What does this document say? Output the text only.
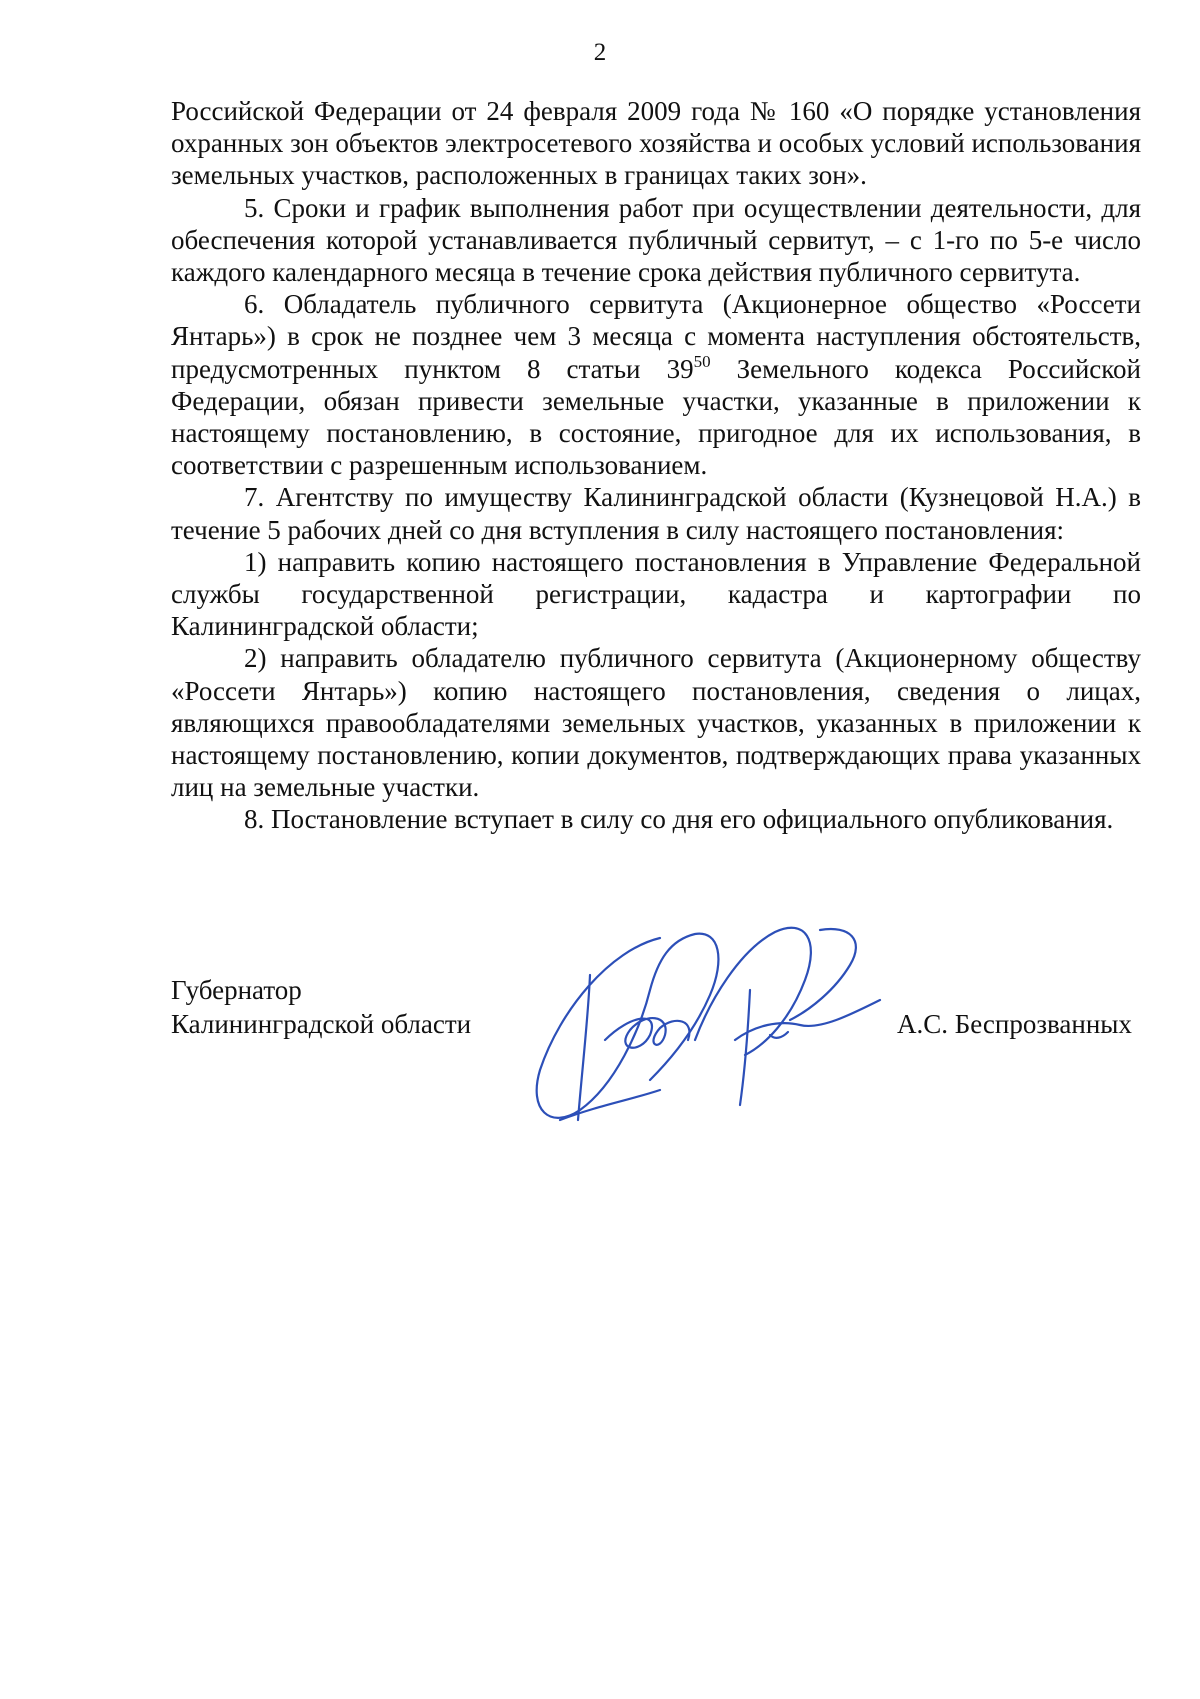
2

Российской Федерации от 24 февраля 2009 года № 160 «О порядке установления охранных зон объектов электросетевого хозяйства и особых условий использования земельных участков, расположенных в границах таких зон».

5. Сроки и график выполнения работ при осуществлении деятельности, для обеспечения которой устанавливается публичный сервитут, – с 1-го по 5-е число каждого календарного месяца в течение срока действия публичного сервитута.

6. Обладатель публичного сервитута (Акционерное общество «Россети Янтарь») в срок не позднее чем 3 месяца с момента наступления обстоятельств, предусмотренных пунктом 8 статьи $39^{50}$ Земельного кодекса Российской Федерации, обязан привести земельные участки, указанные в приложении к настоящему постановлению, в состояние, пригодное для их использования, в соответствии с разрешенным использованием.

7. Агентству по имуществу Калининградской области (Кузнецовой Н.А.) в течение 5 рабочих дней со дня вступления в силу настоящего постановления:

1) направить копию настоящего постановления в Управление Федеральной службы государственной регистрации, кадастра и картографии по Калининградской области;

2) направить обладателю публичного сервитута (Акционерному обществу «Россети Янтарь») копию настоящего постановления, сведения о лицах, являющихся правообладателями земельных участков, указанных в приложении к настоящему постановлению, копии документов, подтверждающих права указанных лиц на земельные участки.

8. Постановление вступает в силу со дня его официального опубликования.

Губернатор
Калининградской области	А.С. Беспрозванных
